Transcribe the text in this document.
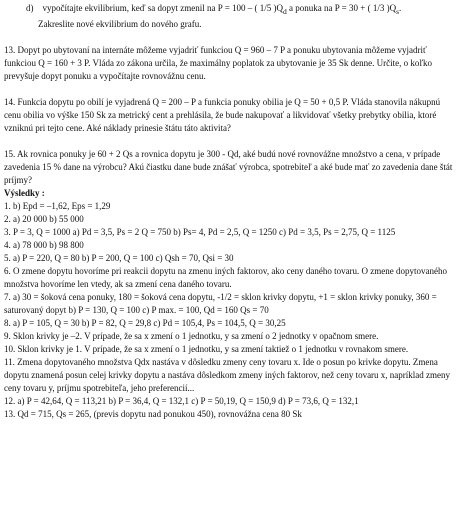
d) vypočítajte ekvilibrium, keď sa dopyt zmenil na P = 100 – ( 1/5 )$Q_d$ a ponuka na P = 30 + ( 1/3 )$Q_s$.
Zakreslite nové ekvilibrium do nového grafu.

13. Dopyt po ubytovaní na internáte môžeme vyjadriť funkciou Q = 960 – 7 P a ponuku ubytovania môžeme vyjadriť funkciou Q = 160 + 3 P. Vláda zo zákona určila, že maximálny poplatok za ubytovanie je 35 Sk denne. Určite, o koľko prevyšuje dopyt ponuku a vypočítajte rovnovážnu cenu.

14. Funkcia dopytu po obilí je vyjadrená Q = 200 – P a funkcia ponuky obilia je Q = 50 + 0,5 P. Vláda stanovila nákupnú cenu obilia vo výške 150 Sk za metrický cent a prehlásila, že bude nakupovať a likvidovať všetky prebytky obilia, ktoré vzniknú pri tejto cene. Aké náklady prinesie štátu táto aktivita?

15. Ak rovnica ponuky je 60 + 2 Qs a rovnica dopytu je 300 - Qd, aké budú nové rovnovážne množstvo a cena, v prípade zavedenia 15 % dane na výrobcu? Akú čiastku dane bude znášať výrobca, spotrebiteľ a aké bude mať zo zavedenia dane štát príjmy?

Výsledky :

1. b) Epd = –1,62, Eps = 1,29

2. a) 20 000 b) 55 000

3. P = 3, Q = 1000 a) Pd = 3,5, Ps = 2 Q = 750 b) Ps= 4, Pd = 2,5, Q = 1250 c) Pd = 3,5, Ps = 2,75, Q = 1125

4. a) 78 000 b) 98 800

5. a) P = 220, Q = 80 b) P = 200, Q = 100 c) Qsh = 70, Qsi = 30

6. O zmene dopytu hovoríme pri reakcii dopytu na zmenu iných faktorov, ako ceny daného tovaru. O zmene dopytovaného množstva hovoríme len vtedy, ak sa zmení cena daného tovaru.

7. a) 30 = šoková cena ponuky, 180 = šoková cena dopytu, -1/2 = sklon krivky dopytu, +1 = sklon krivky ponuky, 360 = saturovaný dopyt b) P = 130, Q = 100 c) P max. = 100, Qd = 160 Qs = 70

8. a) P = 105, Q = 30 b) P = 82, Q = 29,8 c) Pd = 105,4, Ps = 104,5, Q = 30,25

9. Sklon krivky je –2. V prípade, že sa x zmení o 1 jednotku, y sa zmení o 2 jednotky v opačnom smere.

10. Sklon krivky je 1. V prípade, že sa x zmení o 1 jednotku, y sa zmení taktiež o 1 jednotku v rovnakom smere.

11. Zmena dopytovaného množstva Qdx nastáva v dôsledku zmeny ceny tovaru x. Ide o posun po krivke dopytu. Zmena dopytu znamená posun celej krivky dopytu a nastáva dôsledkom zmeny iných faktorov, než ceny tovaru x, napríklad zmeny ceny tovaru y, príjmu spotrebiteľa, jeho preferencií...

12. a) P = 42,64, Q = 113,21 b) P = 36,4, Q = 132,1 c) P = 50,19, Q = 150,9 d) P = 73,6, Q = 132,1

13. Qd = 715, Qs = 265, (previs dopytu nad ponukou 450), rovnovážna cena 80 Sk
